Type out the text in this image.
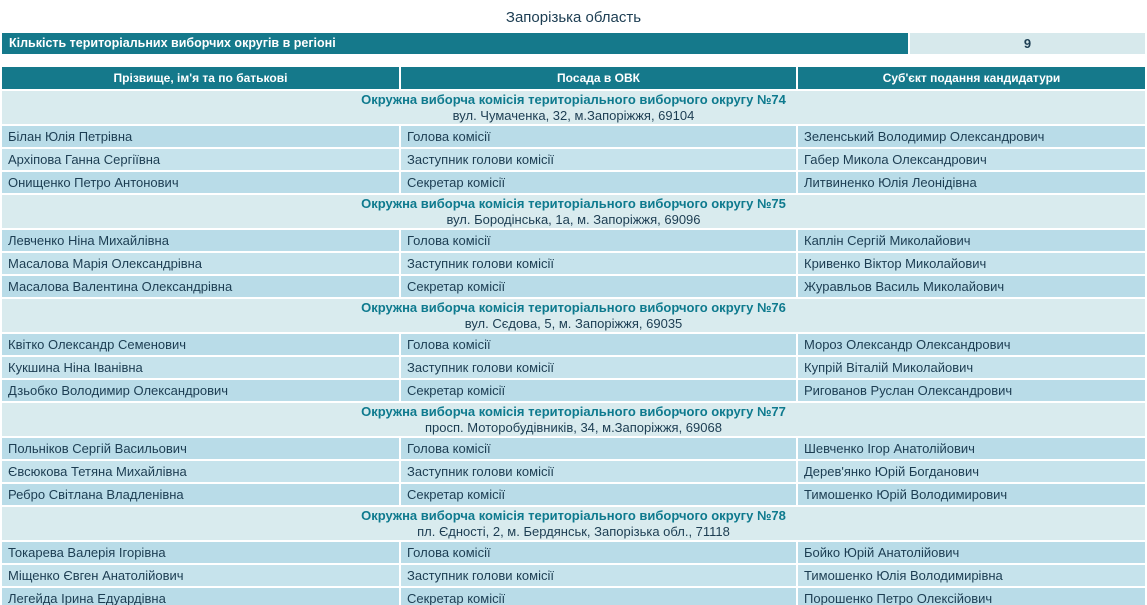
Запорізька область
Кількість територіальних виборчих округів в регіоні	9
Прізвище, ім'я та по батькові	Посада в ОВК	Суб'єкт подання кандидатури
Окружна виборча комісія територіального виборчого округу №74
вул. Чумаченка, 32, м.Запоріжжя, 69104
Білан Юлія Петрівна	Голова комісії	Зеленський Володимир Олександрович
Архіпова Ганна Сергіївна	Заступник голови комісії	Габер Микола Олександрович
Онищенко Петро Антонович	Секретар комісії	Литвиненко Юлія Леонідівна
Окружна виборча комісія територіального виборчого округу №75
вул. Бородінська, 1а, м. Запоріжжя, 69096
Левченко Ніна Михайлівна	Голова комісії	Каплін Сергій Миколайович
Масалова Марія Олександрівна	Заступник голови комісії	Кривенко Віктор Миколайович
Масалова Валентина Олександрівна	Секретар комісії	Журавльов Василь Миколайович
Окружна виборча комісія територіального виборчого округу №76
вул. Сєдова, 5, м. Запоріжжя, 69035
Квітко Олександр Семенович	Голова комісії	Мороз Олександр Олександрович
Кукшина Ніна Іванівна	Заступник голови комісії	Купрій Віталій Миколайович
Дзьобко Володимир Олександрович	Секретар комісії	Ригованов Руслан Олександрович
Окружна виборча комісія територіального виборчого округу №77
просп. Моторобудівників, 34, м.Запоріжжя, 69068
Польніков Сергій Васильович	Голова комісії	Шевченко Ігор Анатолійович
Євсюкова Тетяна Михайлівна	Заступник голови комісії	Дерев'янко Юрій Богданович
Ребро Світлана Владленівна	Секретар комісії	Тимошенко Юрій Володимирович
Окружна виборча комісія територіального виборчого округу №78
пл. Єдності, 2, м. Бердянськ, Запорізька обл., 71118
Токарева Валерія Ігорівна	Голова комісії	Бойко Юрій Анатолійович
Міщенко Євген Анатолійович	Заступник голови комісії	Тимошенко Юлія Володимирівна
Легейда Ірина Едуардівна	Секретар комісії	Порошенко Петро Олексійович
